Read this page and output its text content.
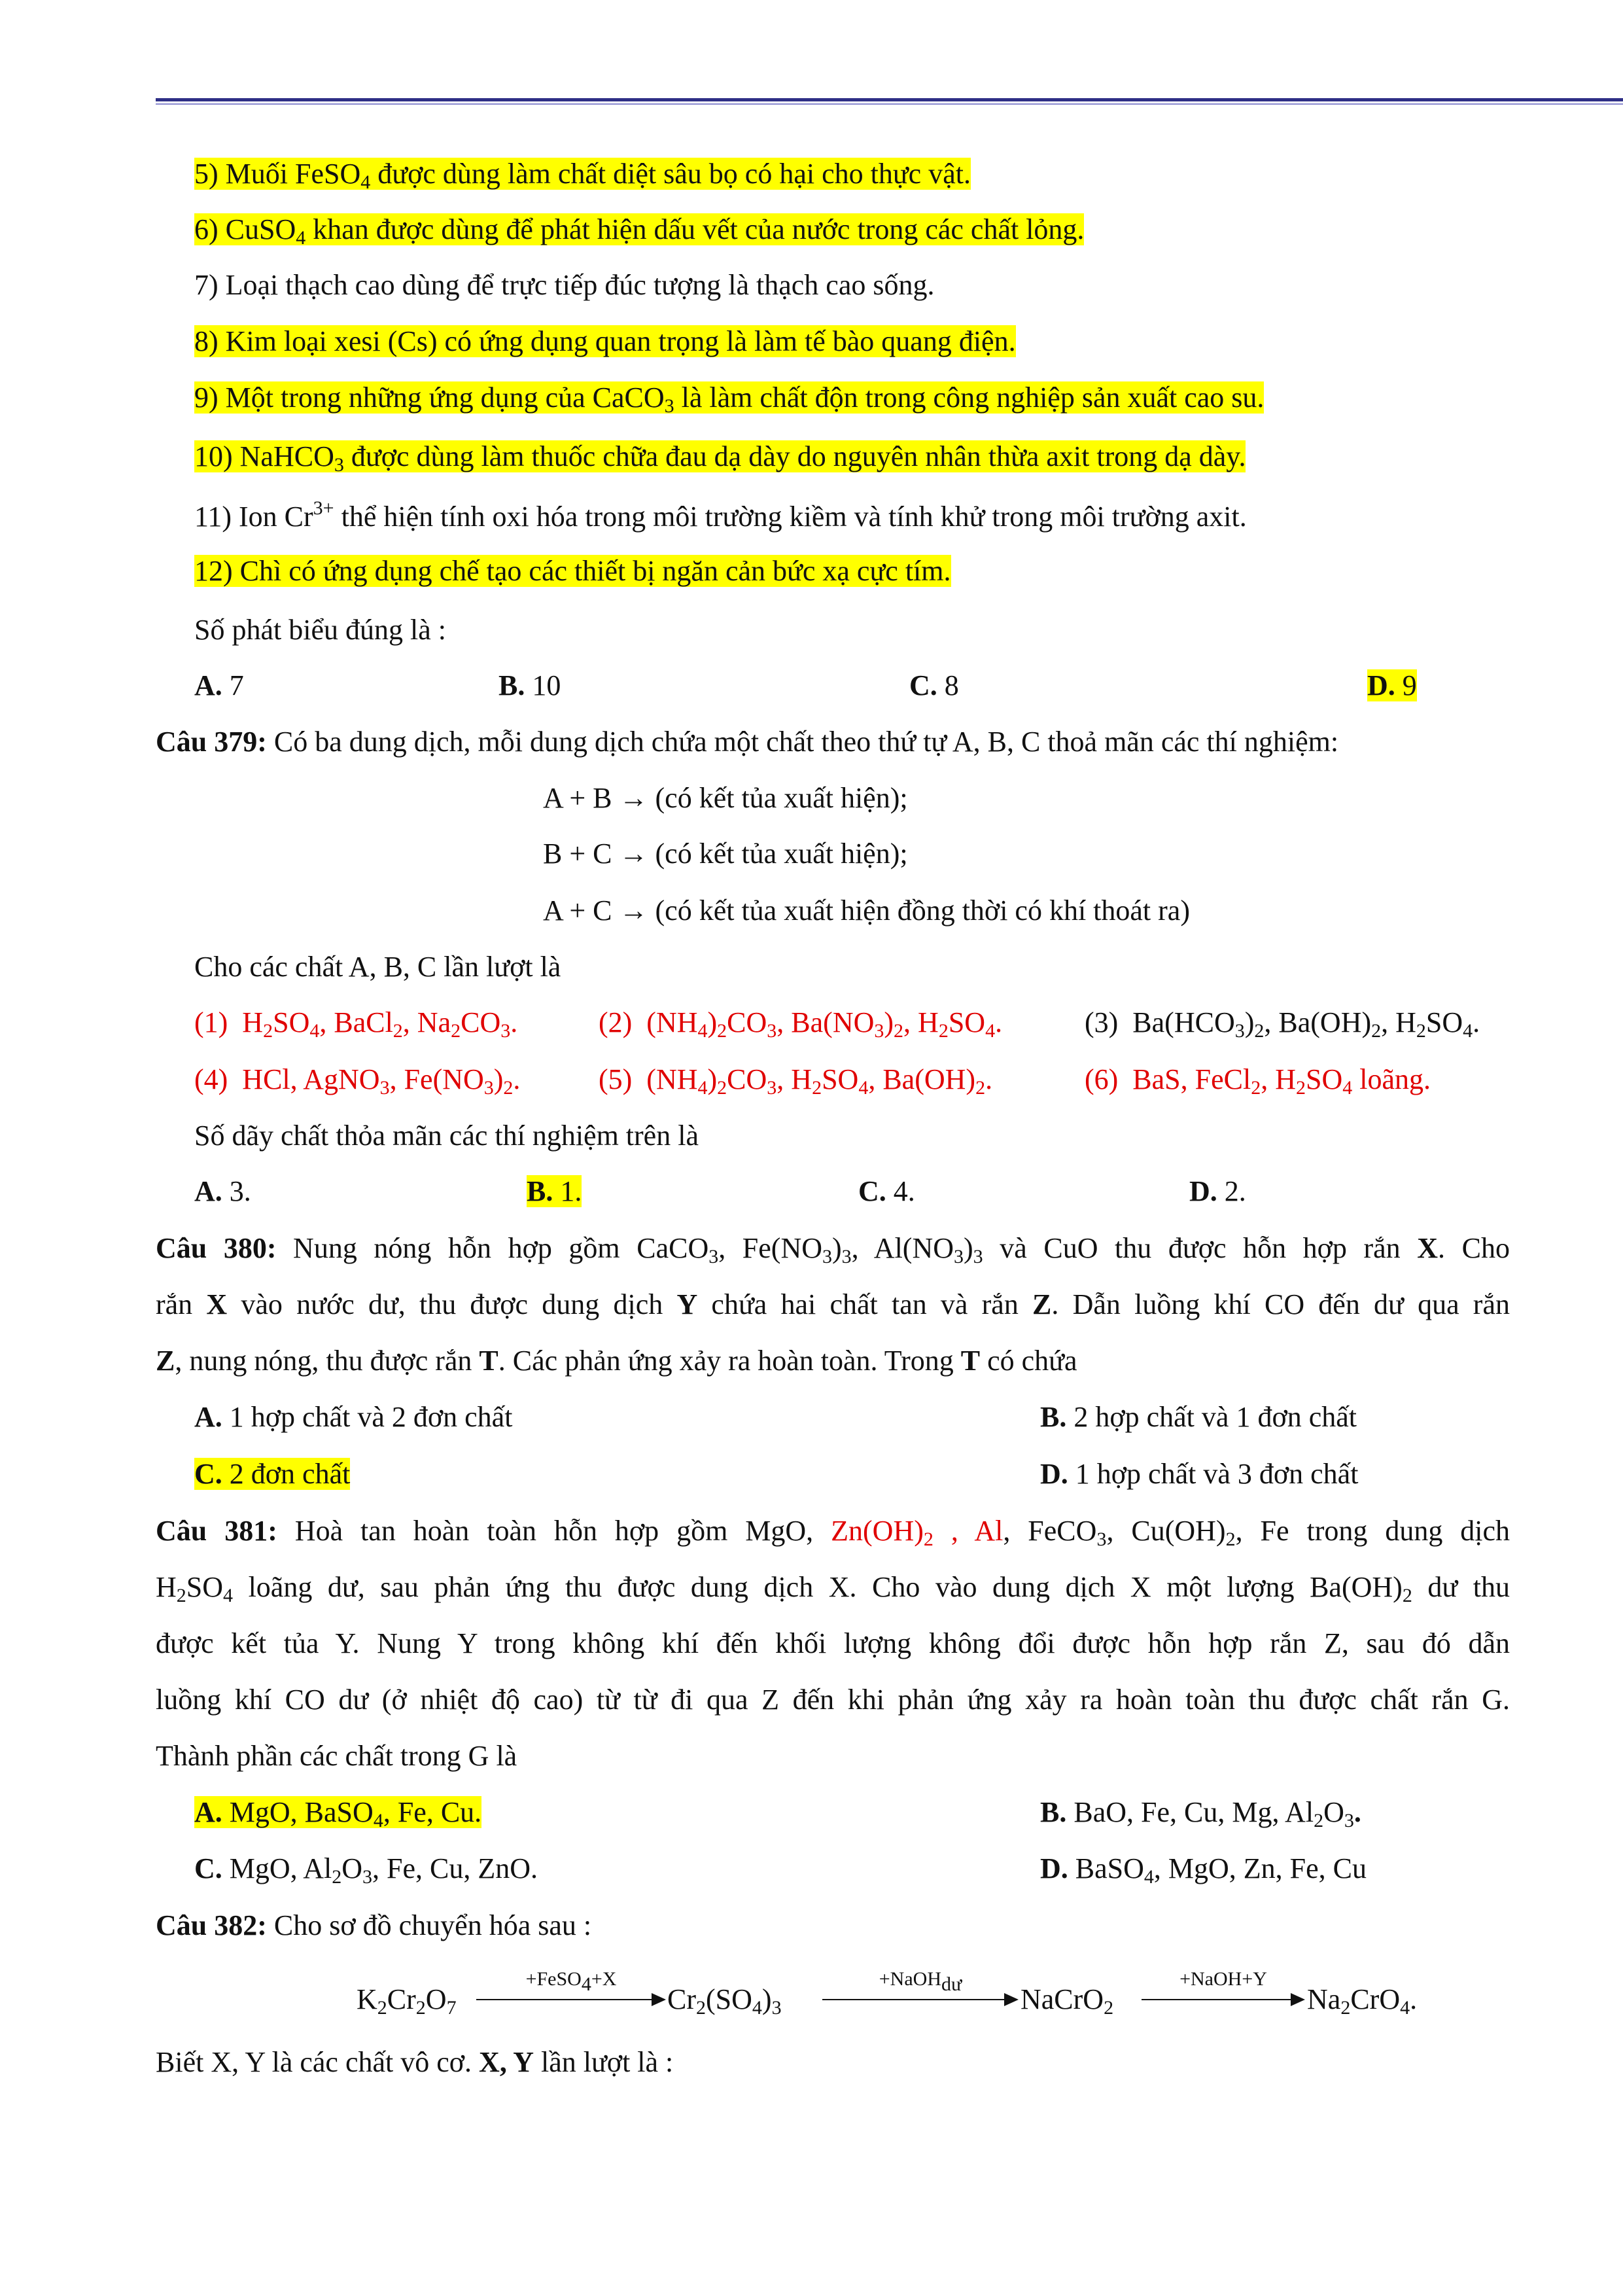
5) Muối FeSO$_4$ được dùng làm chất diệt sâu bọ có hại cho thực vật.
6) CuSO$_4$ khan được dùng để phát hiện dấu vết của nước trong các chất lỏng.
7) Loại thạch cao dùng để trực tiếp đúc tượng là thạch cao sống.
8) Kim loại xesi (Cs) có ứng dụng quan trọng là làm tế bào quang điện.
9) Một trong những ứng dụng của CaCO$_3$ là làm chất độn trong công nghiệp sản xuất cao su.
10) NaHCO$_3$ được dùng làm thuốc chữa đau dạ dày do nguyên nhân thừa axit trong dạ dày.
11) Ion $Cr^{3+}$ thể hiện tính oxi hóa trong môi trường kiềm và tính khử trong môi trường axit.
12) Chì có ứng dụng chế tạo các thiết bị ngăn cản bức xạ cực tím.
Số phát biểu đúng là :
A. 7	B. 10	C. 8	D. 9
Câu 379: Có ba dung dịch, mỗi dung dịch chứa một chất theo thứ tự A, B, C thoả mãn các thí nghiệm:
A + B → (có kết tủa xuất hiện);
B + C → (có kết tủa xuất hiện);
A + C → (có kết tủa xuất hiện đồng thời có khí thoát ra)
Cho các chất A, B, C lần lượt là
(1)  $H_2SO_4$, BaCl$_2$, $Na_2CO_3$.	(2)  $(NH_4)_2CO_3$, $Ba(NO_3)_2$, $H_2SO_4$.	(3)  $Ba(HCO_3)_2$, $Ba(OH)_2$, $H_2SO_4$.
(4)  HCl, AgNO$_3$, $Fe(NO_3)_2$.	(5)  $(NH_4)_2CO_3$, $H_2SO_4$, $Ba(OH)_2$.	(6)  BaS, FeCl$_2$, $H_2SO_4$ loãng.
Số dãy chất thỏa mãn các thí nghiệm trên là
A. 3.	B. 1.	C. 4.	D. 2.
Câu 380: Nung nóng hỗn hợp gồm CaCO$_3$, $Fe(NO_3)_3$, $Al(NO_3)_3$ và CuO thu được hỗn hợp rắn X. Cho
rắn X vào nước dư, thu được dung dịch Y chứa hai chất tan và rắn Z. Dẫn luồng khí CO đến dư qua rắn
Z, nung nóng, thu được rắn T. Các phản ứng xảy ra hoàn toàn. Trong T có chứa
A. 1 hợp chất và 2 đơn chất	B. 2 hợp chất và 1 đơn chất
C. 2 đơn chất	D. 1 hợp chất và 3 đơn chất
Câu 381: Hoà tan hoàn toàn hỗn hợp gồm MgO, $Zn(OH)_2$ , Al, FeCO$_3$, $Cu(OH)_2$, Fe trong dung dịch
$H_2SO_4$ loãng dư, sau phản ứng thu được dung dịch X. Cho vào dung dịch X một lượng $Ba(OH)_2$ dư thu
được kết tủa Y. Nung Y trong không khí đến khối lượng không đổi được hỗn hợp rắn Z, sau đó dẫn
luồng khí CO dư (ở nhiệt độ cao) từ từ đi qua Z đến khi phản ứng xảy ra hoàn toàn thu được chất rắn G.
Thành phần các chất trong G là
A. MgO, BaSO$_4$, Fe, Cu.	B. BaO, Fe, Cu, Mg, $Al_2O_3$.
C. MgO, $Al_2O_3$, Fe, Cu, ZnO.	D. BaSO$_4$, MgO, Zn, Fe, Cu
Câu 382: Cho sơ đồ chuyển hóa sau :
$K_2Cr_2O_7$
+FeSO$_4$+X
$Cr_2(SO_4)_3$
+NaOH$_{dư}$	NaCrO$_2$
+NaOH+Y
$Na_2CrO_4$.
Biết X, Y là các chất vô cơ. X, Y lần lượt là :
